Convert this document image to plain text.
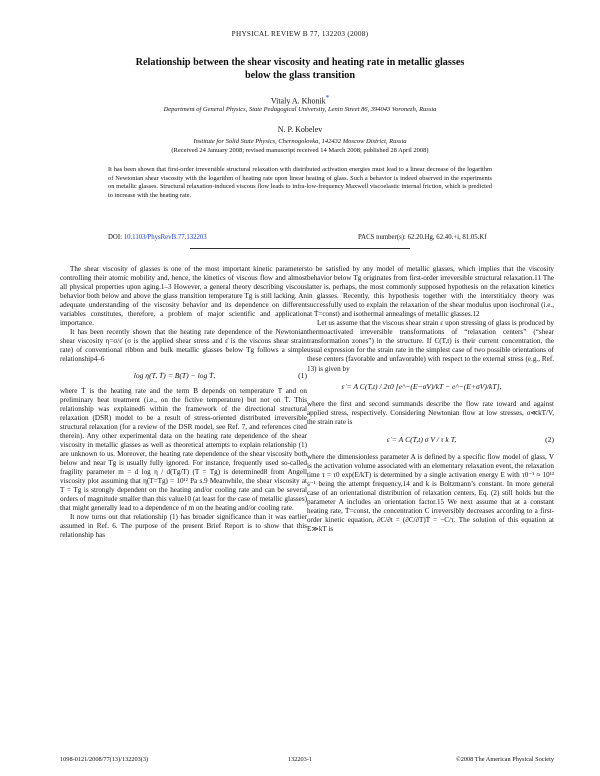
PHYSICAL REVIEW B 77, 132203 (2008)
Relationship between the shear viscosity and heating rate in metallic glasses
below the glass transition
Vitaly A. Khonik*
Department of General Physics, State Pedagogical University, Lenin Street 86, 394043 Voronezh, Russia
N. P. Kobelev
Institute for Solid State Physics, Chernogolovka, 142432 Moscow District, Russia
(Received 24 January 2008; revised manuscript received 14 March 2008; published 28 April 2008)
It has been shown that first-order irreversible structural relaxation with distributed activation energies must lead to a linear decrease of the logarithm of Newtonian shear viscosity with the logarithm of heating rate upon linear heating of glass. Such a behavior is indeed observed in the experiments on metallic glasses. Structural relaxation-induced viscous flow leads to infra-low-frequency Maxwell viscoelastic internal friction, which is predicted to increase with the heating rate.
DOI: 10.1103/PhysRevB.77.132203	PACS number(s): 62.20.Hg, 62.40.+i, 81.05.Kf

The shear viscosity of glasses is one of the most important kinetic parameters controlling their atomic mobility and, hence, the kinetics of viscous flow and almost all physical properties upon aging.1–3 However, a general theory describing viscous behavior both below and above the glass transition temperature Tg is still lacking. An adequate understanding of the viscosity behavior and its dependence on different variables constitutes, therefore, a problem of major scientific and application importance.

It has been recently shown that the heating rate dependence of the Newtonian shear viscosity η=σ/ε̇ (σ is the applied shear stress and ε̇ is the viscous shear strain rate) of conventional ribbon and bulk metallic glasses below Tg follows a simple relationship4–6

log η(T, Ṫ) = B(T) − log Ṫ,	(1)

where Ṫ is the heating rate and the term B depends on temperature T and on preliminary heat treatment (i.e., on the fictive temperature) but not on Ṫ. This relationship was explained6 within the framework of the directional structural relaxation (DSR) model to be a result of stress-oriented distributed irreversible structural relaxation (for a review of the DSR model, see Ref. 7, and references cited therein). Any other experimental data on the heating rate dependence of the shear viscosity in metallic glasses as well as theoretical attempts to explain relationship (1) are unknown to us. Moreover, the heating rate dependence of the shear viscosity both below and near Tg is usually fully ignored. For instance, frequently used so-called fragility parameter m = d log η / d(Tg/T) (T = Tg) is determined8 from Angell viscosity plot assuming that η(T=Tg) = 10¹² Pa s.9 Meanwhile, the shear viscosity at T = Tg is strongly dependent on the heating and/or cooling rate and can be several orders of magnitude smaller than this value10 (at least for the case of metallic glasses) that might generally lead to a dependence of m on the heating and/or cooling rate.

It now turns out that relationship (1) has broader significance than it was earlier assumed in Ref. 6. The purpose of the present Brief Report is to show that this relationship has

to be satisfied by any model of metallic glasses, which implies that the viscosity behavior below Tg originates from first-order irreversible structural relaxation.11 The latter is, perhaps, the most commonly supposed hypothesis on the relaxation kinetics in glasses. Recently, this hypothesis together with the interstitialcy theory was successfully used to explain the relaxation of the shear modulus upon isochronal (i.e., at Ṫ=const) and isothermal annealings of metallic glasses.12

Let us assume that the viscous shear strain ε upon stressing of glass is produced by thermoactivated irreversible transformations of “relaxation centers” (“shear transformation zones”) in the structure. If C(T,t) is their current concentration, the usual expression for the strain rate in the simplest case of two possible orientations of these centers (favorable and unfavorable) with respect to the external stress (e.g., Ref. 13) is given by

ε̇ = A C(T,t) / 2τ0 [e^−(E−σV)/kT − e^−(E+σV)/kT],

where the first and second summands describe the flow rate toward and against applied stress, respectively. Considering Newtonian flow at low stresses, σ≪kT/V, the strain rate is

ε̇ = A C(T,t) σ V / τ k T,	(2)

where the dimensionless parameter A is defined by a specific flow model of glass, V is the activation volume associated with an elementary relaxation event, the relaxation time τ = τ0 exp(E/kT) is determined by a single activation energy E with τ0⁻¹ ≈ 10¹³ s⁻¹ being the attempt frequency,14 and k is Boltzmann’s constant. In more general case of an orientational distribution of relaxation centers, Eq. (2) still holds but the parameter A includes an orientation factor.15 We next assume that at a constant heating rate, Ṫ=const, the concentration C irreversibly decreases according to a first-order kinetic equation, ∂C/∂t = (∂C/∂T)Ṫ = −C/τ. The solution of this equation at E≫kT is

1098-0121/2008/77(13)/132203(3)	132203-1	©2008 The American Physical Society
